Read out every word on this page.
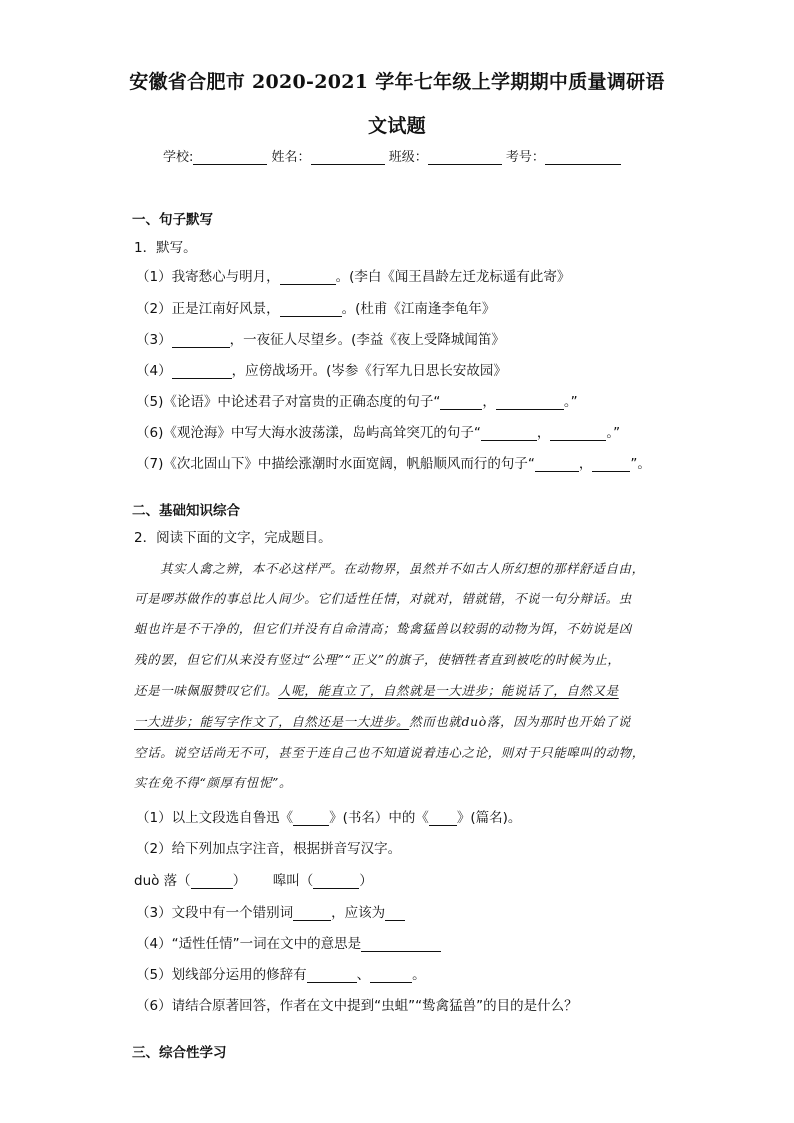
安徽省合肥市 2020-2021 学年七年级上学期期中质量调研语
文试题
学校:	姓名：	班级：	考号：
一、句子默写
1．默写。
（1）我寄愁心与明月，	。(李白《闻王昌龄左迁龙标遥有此寄》
（2）正是江南好风景，	。(杜甫《江南逢李龟年》
（3）	，一夜征人尽望乡。(李益《夜上受降城闻笛》
（4）	，应傍战场开。(岑参《行军九日思长安故园》
（5)《论语》中论述君子对富贵的正确态度的句子“	，	。”
（6)《观沧海》中写大海水波荡漾，岛屿高耸突兀的句子“	，	。”
（7)《次北固山下》中描绘涨潮时水面宽阔，帆船顺风而行的句子“	，	”。
二、基础知识综合
2．阅读下面的文字，完成题目。
其实人禽之辨，本不必这样严。在动物界，虽然并不如古人所幻想的那样舒适自由，
可是啰苏做作的事总比人间少。它们适性任情，对就对，错就错，不说一句分辩话。虫
蛆也许是不干净的，但它们并没有自命清高；鸷禽猛兽以较弱的动物为饵，不妨说是凶
残的罢，但它们从来没有竖过“公理”“正义”的旗子，使牺牲者直到被吃的时候为止，
还是一味佩服赞叹它们。人呢，能直立了，自然就是一大进步；能说话了，自然又是
一大进步；能写字作文了，自然还是一大进步。然而也就duò落，因为那时也开始了说
空话。说空话尚无不可，甚至于连自己也不知道说着违心之论，则对于只能嗥叫的动物，
实在免不得“颜厚有忸怩”。
（1）以上文段选自鲁迅《	》(书名）中的《 》(篇名)。
（2）给下列加点字注音，根据拼音写汉字。
duò 落（	） 嗥叫（	）
（3）文段中有一个错别词	，应该为
（4）“适性任情”一词在文中的意思是
（5）划线部分运用的修辞有	、	。
（6）请结合原著回答，作者在文中提到“虫蛆”“鸷禽猛兽”的目的是什么？
三、综合性学习
